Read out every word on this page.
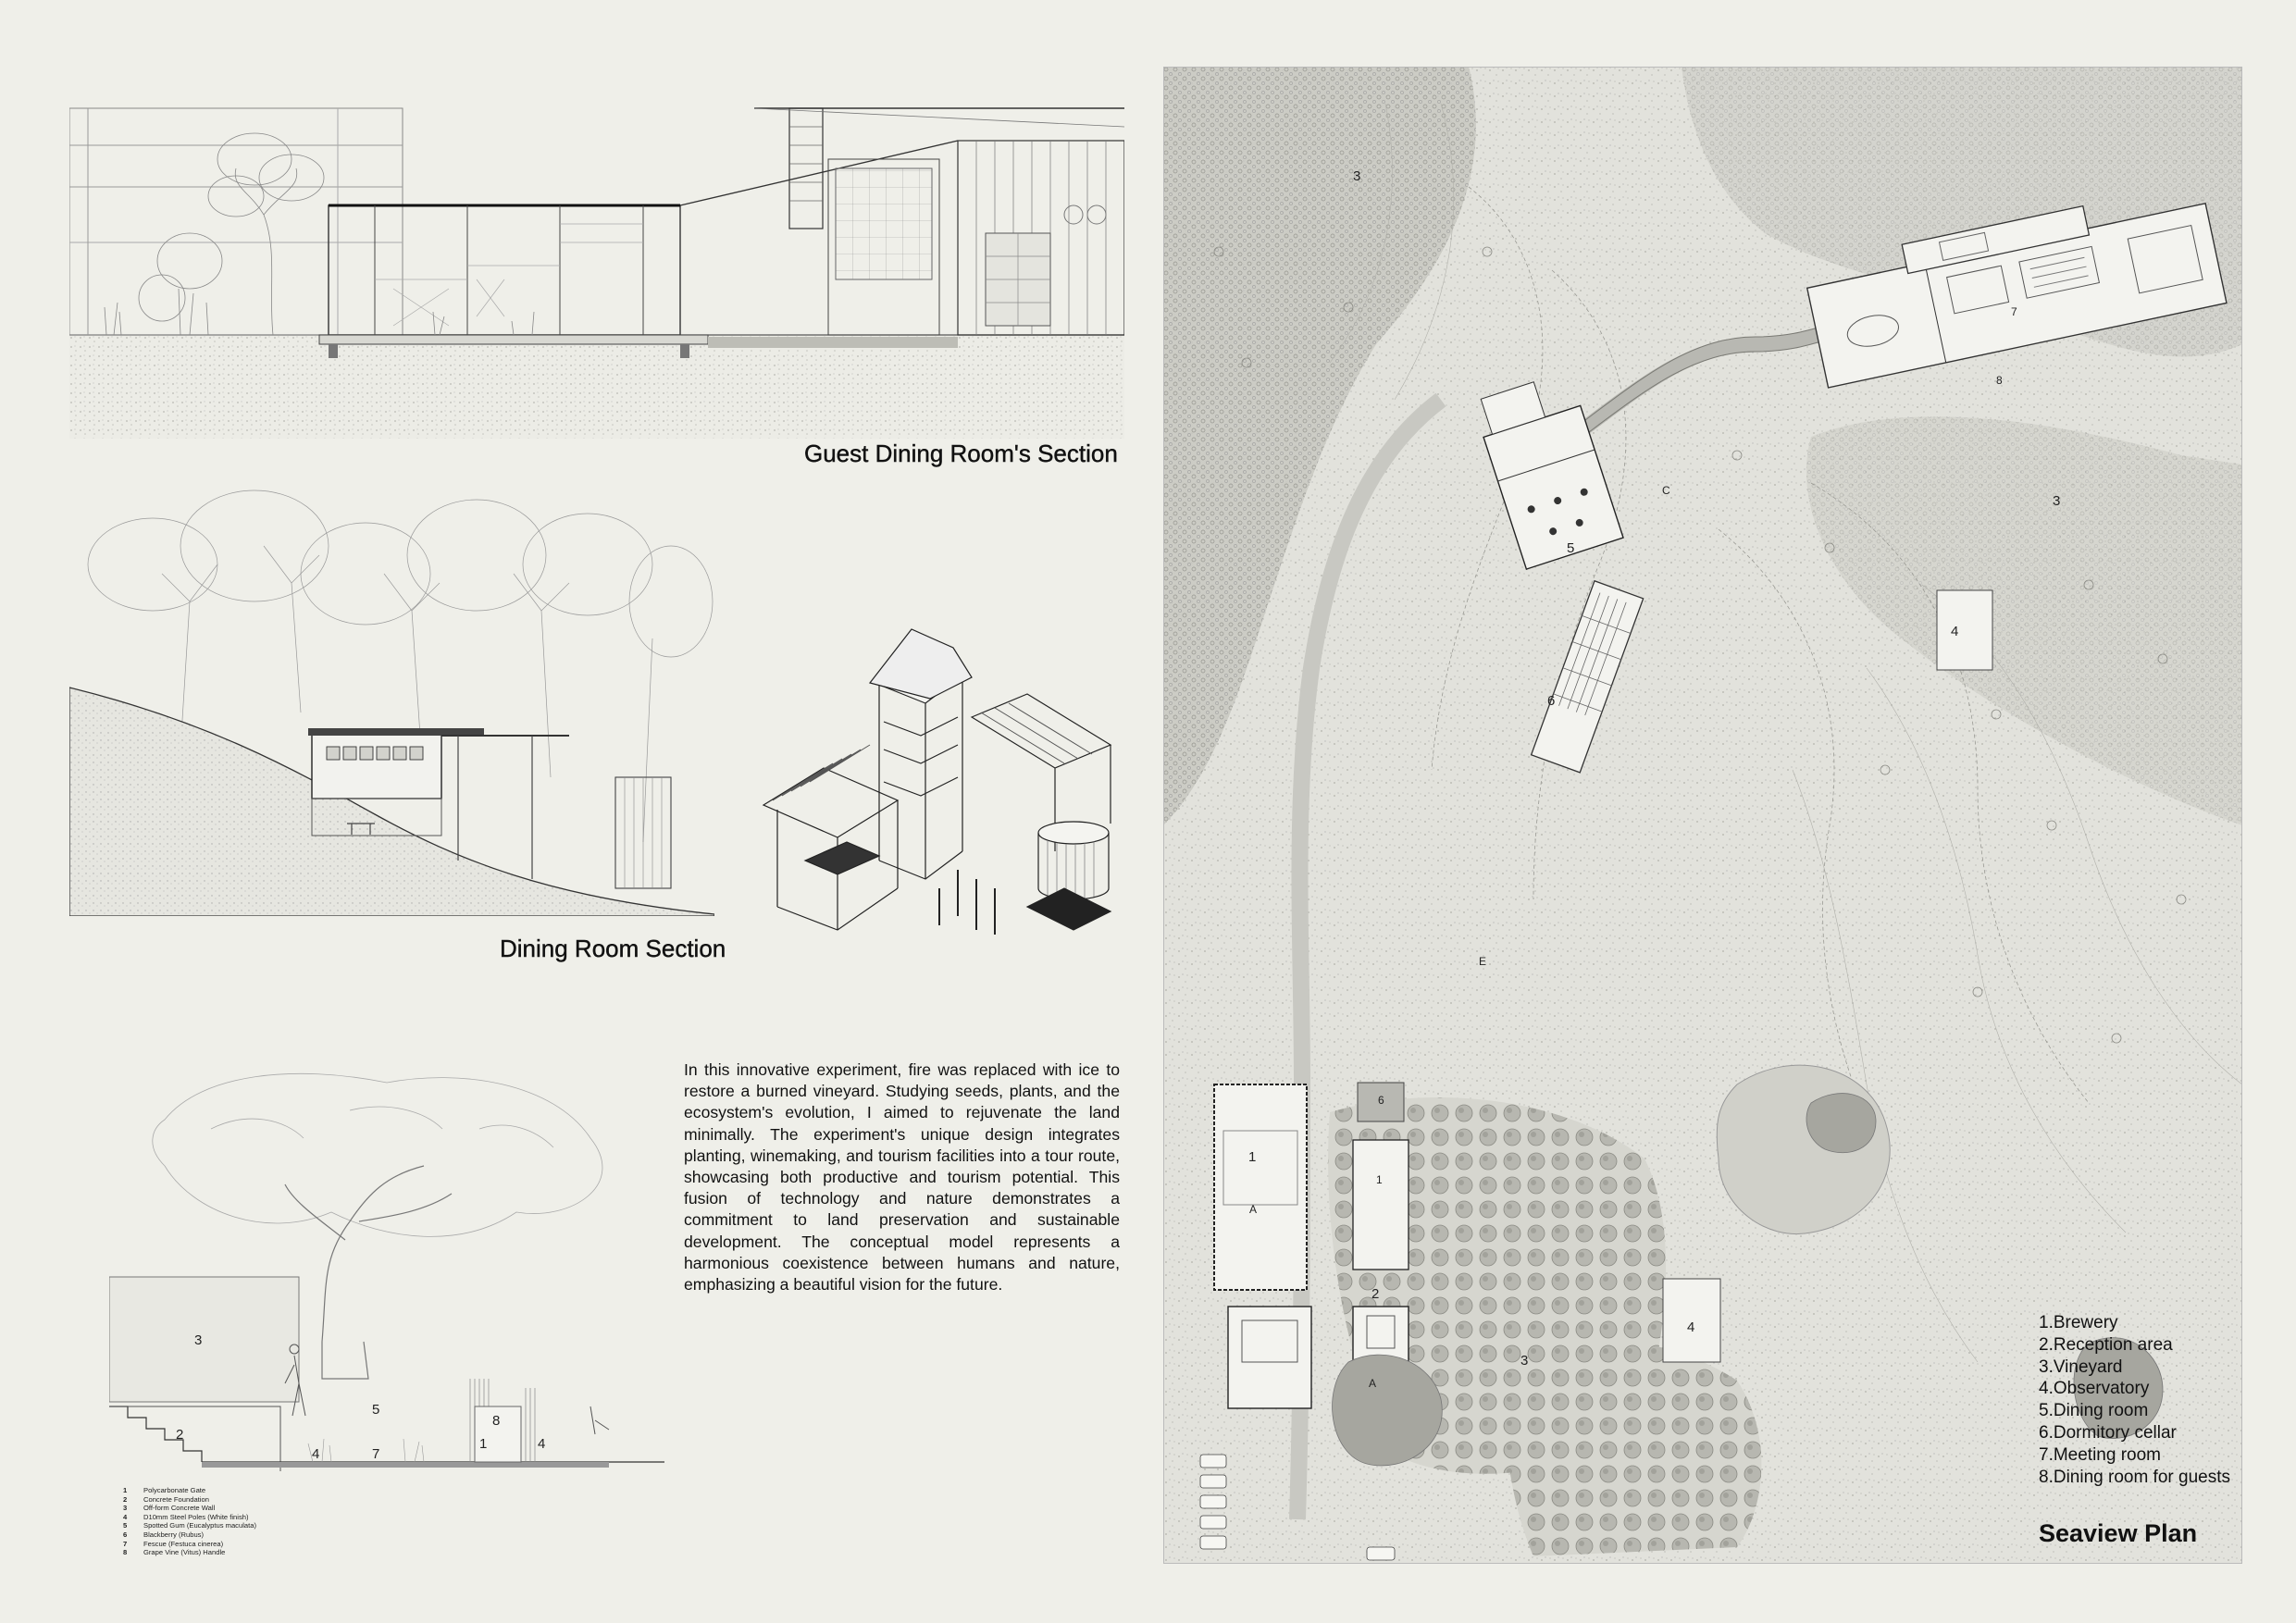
Guest Dining Room's Section
Dining Room Section
3
2
5
4	7
8
1	4
1	Polycarbonate Gate
2	Concrete Foundation
3	Off-form Concrete Wall
4	D10mm Steel Poles (White finish)
5	Spotted Gum (Eucalyptus maculata)
6	Blackberry (Rubus)
7	Fescue (Festuca cinerea)
8	Grape Vine (Vitus) Handle

In this innovative experiment, fire was replaced with ice to restore a burned vineyard. Studying seeds, plants, and the ecosystem's evolution, I aimed to rejuvenate the land minimally. The experiment's unique design integrates planting, winemaking, and tourism facilities into a tour route, showcasing both productive and tourism potential. This fusion of technology and nature demonstrates a commitment to land preservation and sustainable development. The conceptual model represents a harmonious coexistence between humans and nature, emphasizing a beautiful vision for the future.

3
7
8
5
6
4
3
1
6
1
2
4
3
A
A
E
C
1.Brewery
2.Reception area
3.Vineyard
4.Observatory
5.Dining room
6.Dormitory cellar
7.Meeting room
8.Dining room for guests
Seaview Plan
